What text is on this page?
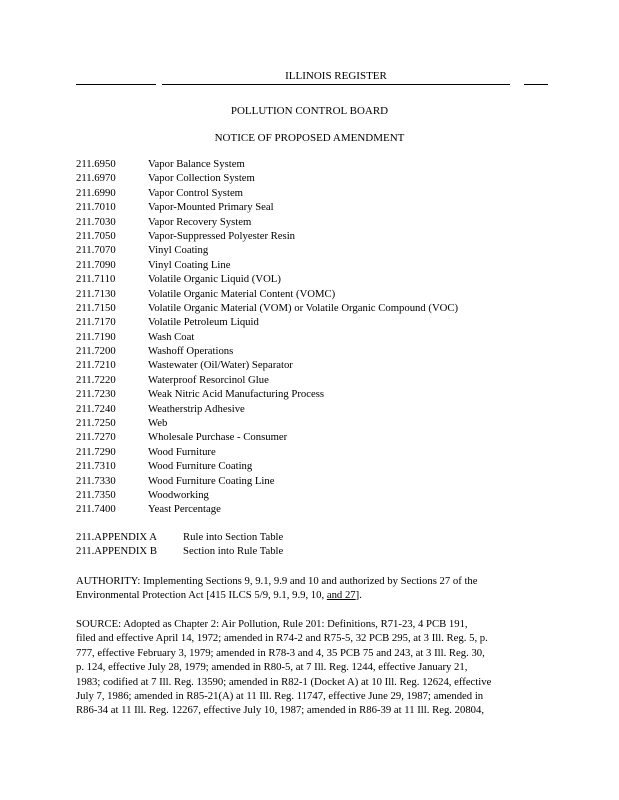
ILLINOIS REGISTER
POLLUTION CONTROL BOARD
NOTICE OF PROPOSED AMENDMENT
211.6950	Vapor Balance System
211.6970	Vapor Collection System
211.6990	Vapor Control System
211.7010	Vapor-Mounted Primary Seal
211.7030	Vapor Recovery System
211.7050	Vapor-Suppressed Polyester Resin
211.7070	Vinyl Coating
211.7090	Vinyl Coating Line
211.7110	Volatile Organic Liquid (VOL)
211.7130	Volatile Organic Material Content (VOMC)
211.7150	Volatile Organic Material (VOM) or Volatile Organic Compound (VOC)
211.7170	Volatile Petroleum Liquid
211.7190	Wash Coat
211.7200	Washoff Operations
211.7210	Wastewater (Oil/Water) Separator
211.7220	Waterproof Resorcinol Glue
211.7230	Weak Nitric Acid Manufacturing Process
211.7240	Weatherstrip Adhesive
211.7250	Web
211.7270	Wholesale Purchase - Consumer
211.7290	Wood Furniture
211.7310	Wood Furniture Coating
211.7330	Wood Furniture Coating Line
211.7350	Woodworking
211.7400	Yeast Percentage
211.APPENDIX A	Rule into Section Table
211.APPENDIX B	Section into Rule Table
AUTHORITY: Implementing Sections 9, 9.1, 9.9 and 10 and authorized by Sections 27 of the
Environmental Protection Act [415 ILCS 5/9, 9.1, 9.9, 10, and 27].
SOURCE: Adopted as Chapter 2: Air Pollution, Rule 201: Definitions, R71-23, 4 PCB 191,
filed and effective April 14, 1972; amended in R74-2 and R75-5, 32 PCB 295, at 3 Ill. Reg. 5, p.
777, effective February 3, 1979; amended in R78-3 and 4, 35 PCB 75 and 243, at 3 Ill. Reg. 30,
p. 124, effective July 28, 1979; amended in R80-5, at 7 Ill. Reg. 1244, effective January 21,
1983; codified at 7 Ill. Reg. 13590; amended in R82-1 (Docket A) at 10 Ill. Reg. 12624, effective
July 7, 1986; amended in R85-21(A) at 11 Ill. Reg. 11747, effective June 29, 1987; amended in
R86-34 at 11 Ill. Reg. 12267, effective July 10, 1987; amended in R86-39 at 11 Ill. Reg. 20804,
